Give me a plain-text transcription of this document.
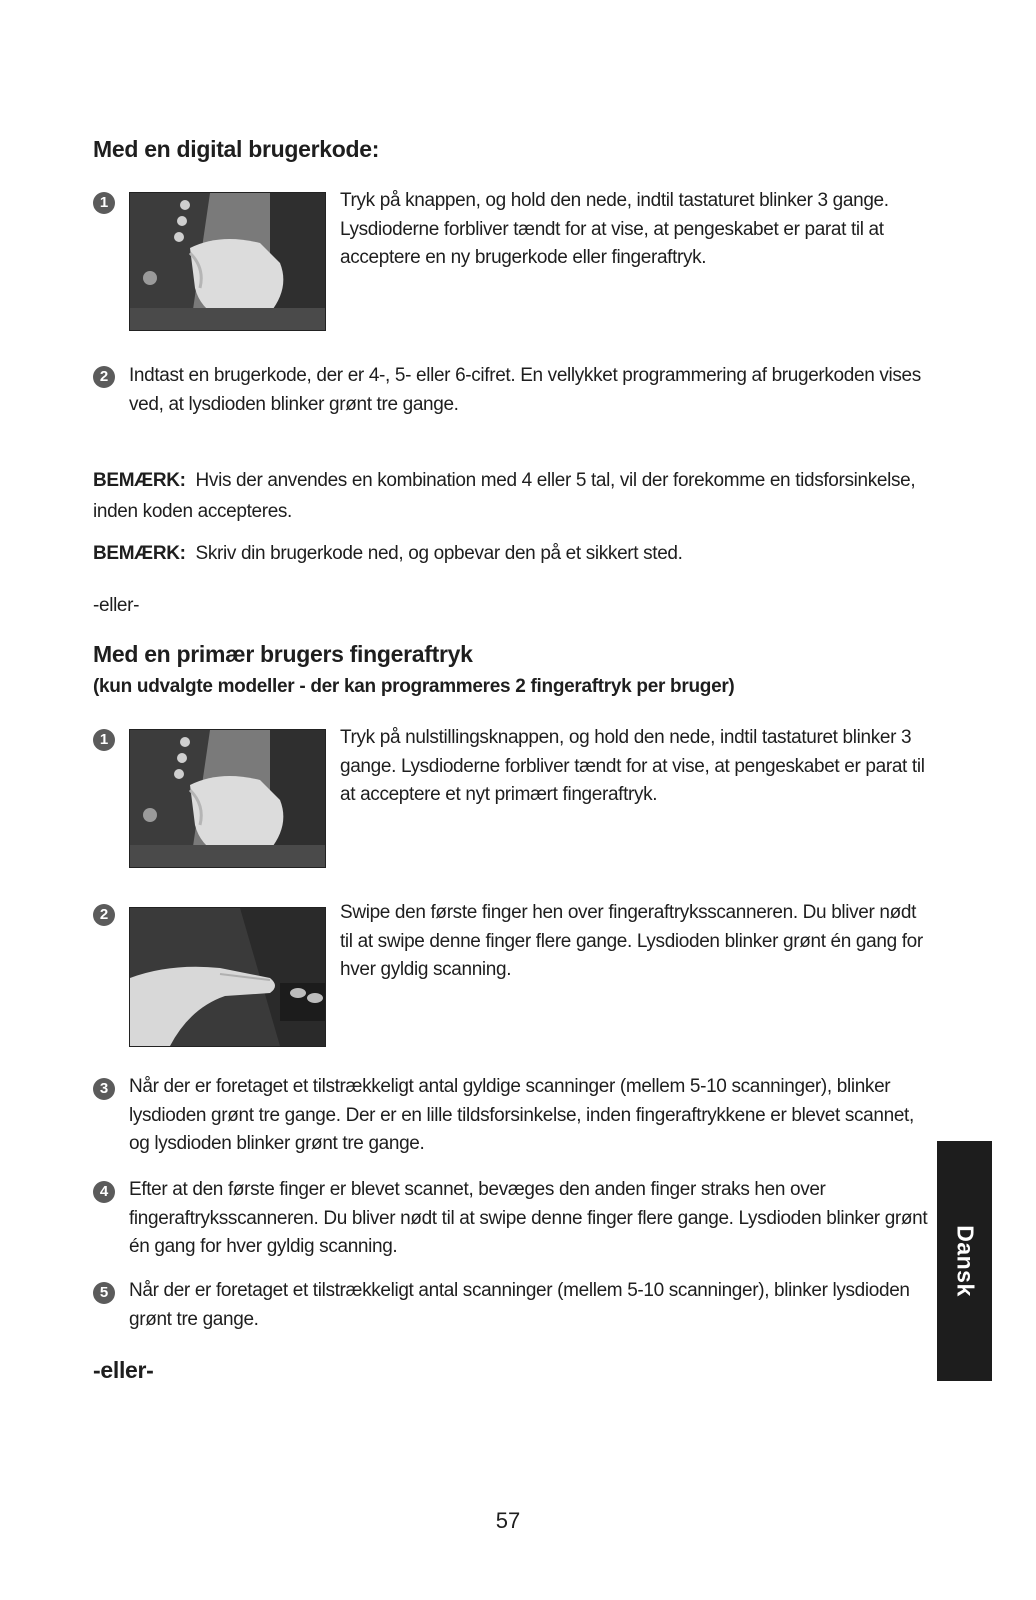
Med en digital brugerkode:
1	Tryk på knappen, og hold den nede, indtil tastaturet blinker 3 gange. Lysdioderne forbliver tændt for at vise, at pengeskabet er parat til at acceptere en ny brugerkode eller fingeraftryk.

2	Indtast en brugerkode, der er 4-, 5- eller 6-cifret. En vellykket programmering af brugerkoden vises ved, at lysdioden blinker grønt tre gange.

BEMÆRK: Hvis der anvendes en kombination med 4 eller 5 tal, vil der forekomme en tidsforsinkelse, inden koden accepteres.

BEMÆRK: Skriv din brugerkode ned, og opbevar den på et sikkert sted.

-eller-

Med en primær brugers fingeraftryk
(kun udvalgte modeller - der kan programmeres 2 fingeraftryk per bruger)
1	Tryk på nulstillingsknappen, og hold den nede, indtil tastaturet blinker 3 gange. Lysdioderne forbliver tændt for at vise, at pengeskabet er parat til at acceptere et nyt primært fingeraftryk.

2	Swipe den første finger hen over fingeraftryksscanneren. Du bliver nødt til at swipe denne finger flere gange. Lysdioden blinker grønt én gang for hver gyldig scanning.

3	Når der er foretaget et tilstrækkeligt antal gyldige scanninger (mellem 5-10 scanninger), blinker lysdioden grønt tre gange. Der er en lille tildsforsinkelse, inden fingeraftrykkene er blevet scannet, og lysdioden blinker grønt tre gange.

4	Efter at den første finger er blevet scannet, bevæges den anden finger straks hen over fingeraftryksscanneren. Du bliver nødt til at swipe denne finger flere gange. Lysdioden blinker grønt én gang for hver gyldig scanning.

5	Når der er foretaget et tilstrækkeligt antal scanninger (mellem 5-10 scanninger), blinker lysdioden grønt tre gange.

-eller-
Dansk
57
